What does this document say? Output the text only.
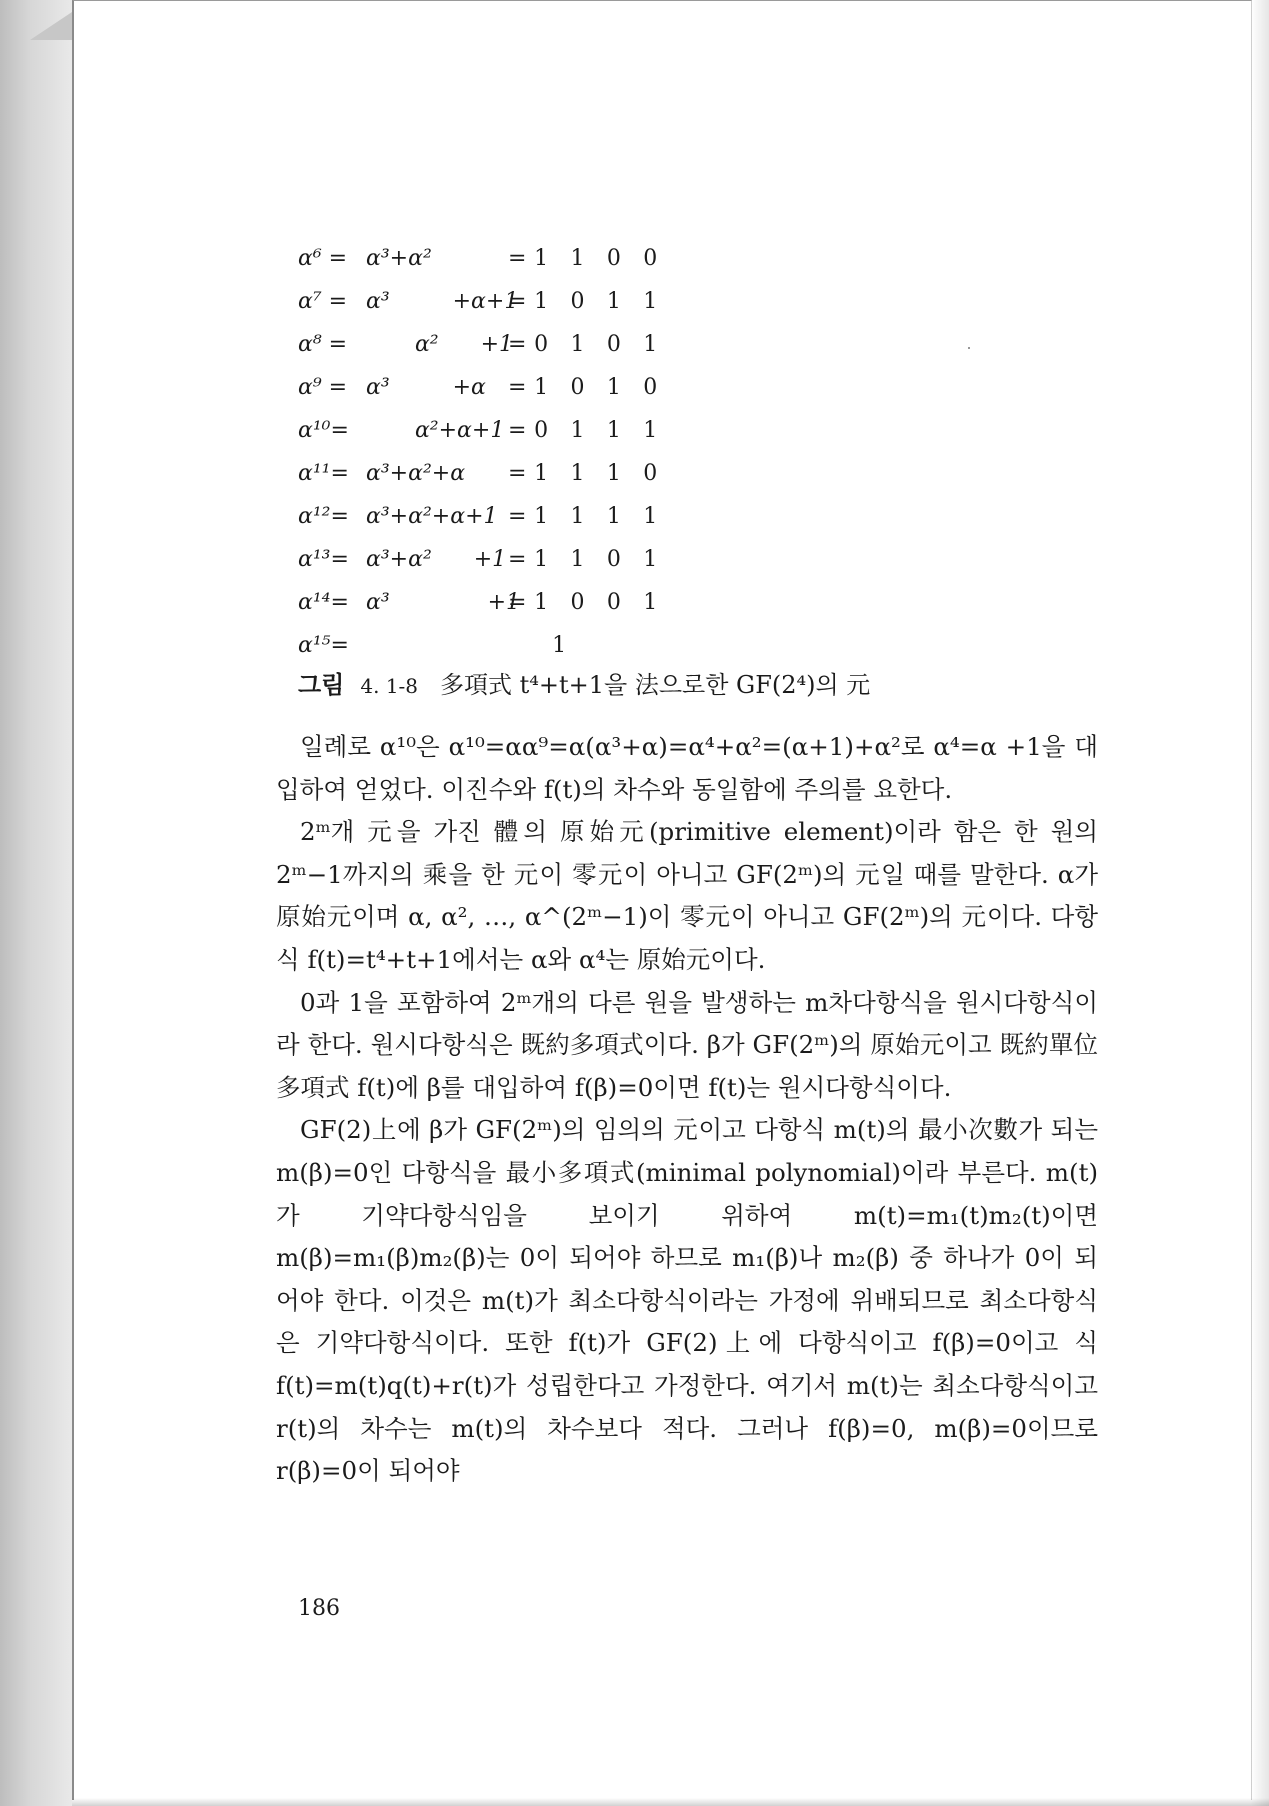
α⁶ = α³+α² =1 1 0 0
α⁷ = α³         +α+1
=1 0 1 1
α⁸ = α²      +1
=0 1 0 1
α⁹ = α³         +α
=1 0 1 0
α¹⁰= α²+α+1 =0 1 1 1
α¹¹= α³+α²+α =1 1 1 0
α¹²= α³+α²+α+1 =1 1 1 1
α¹³= α³+α²      +1 =1 1 0 1
α¹⁴= α³              +1
=1 0 0 1
α¹⁵=	1
그림 4. 1-8 多項式 t⁴+t+1을 法으로한 GF(2⁴)의 元

일례로 α¹⁰은 α¹⁰=αα⁹=α(α³+α)=α⁴+α²=(α+1)+α²로 α⁴=α +1을 대입하여 얻었다. 이진수와 f(t)의 차수와 동일함에 주의를 요한다.

2ᵐ개 元을 가진 體의 原始元(primitive element)이라 함은 한 원의 2ᵐ−1까지의 乘을 한 元이 零元이 아니고 GF(2ᵐ)의 元일 때를 말한다. α가 原始元이며 α, α², …, α^(2ᵐ−1)이 零元이 아니고 GF(2ᵐ)의 元이다. 다항식 f(t)=t⁴+t+1에서는 α와 α⁴는 原始元이다.

0과 1을 포함하여 2ᵐ개의 다른 원을 발생하는 m차다항식을 원시다항식이라 한다. 원시다항식은 既約多項式이다. β가 GF(2ᵐ)의 原始元이고 既約單位多項式 f(t)에 β를 대입하여 f(β)=0이면 f(t)는 원시다항식이다.

GF(2)上에 β가 GF(2ᵐ)의 임의의 元이고 다항식 m(t)의 最小次數가 되는 m(β)=0인 다항식을 最小多項式(minimal polynomial)이라 부른다. m(t)가 기약다항식임을 보이기 위하여 m(t)=m₁(t)m₂(t)이면 m(β)=m₁(β)m₂(β)는 0이 되어야 하므로 m₁(β)나 m₂(β) 중 하나가 0이 되어야 한다. 이것은 m(t)가 최소다항식이라는 가정에 위배되므로 최소다항식은 기약다항식이다. 또한 f(t)가 GF(2)上에 다항식이고 f(β)=0이고 식 f(t)=m(t)q(t)+r(t)가 성립한다고 가정한다. 여기서 m(t)는 최소다항식이고 r(t)의 차수는 m(t)의 차수보다 적다. 그러나 f(β)=0, m(β)=0이므로 r(β)=0이 되어야

186
